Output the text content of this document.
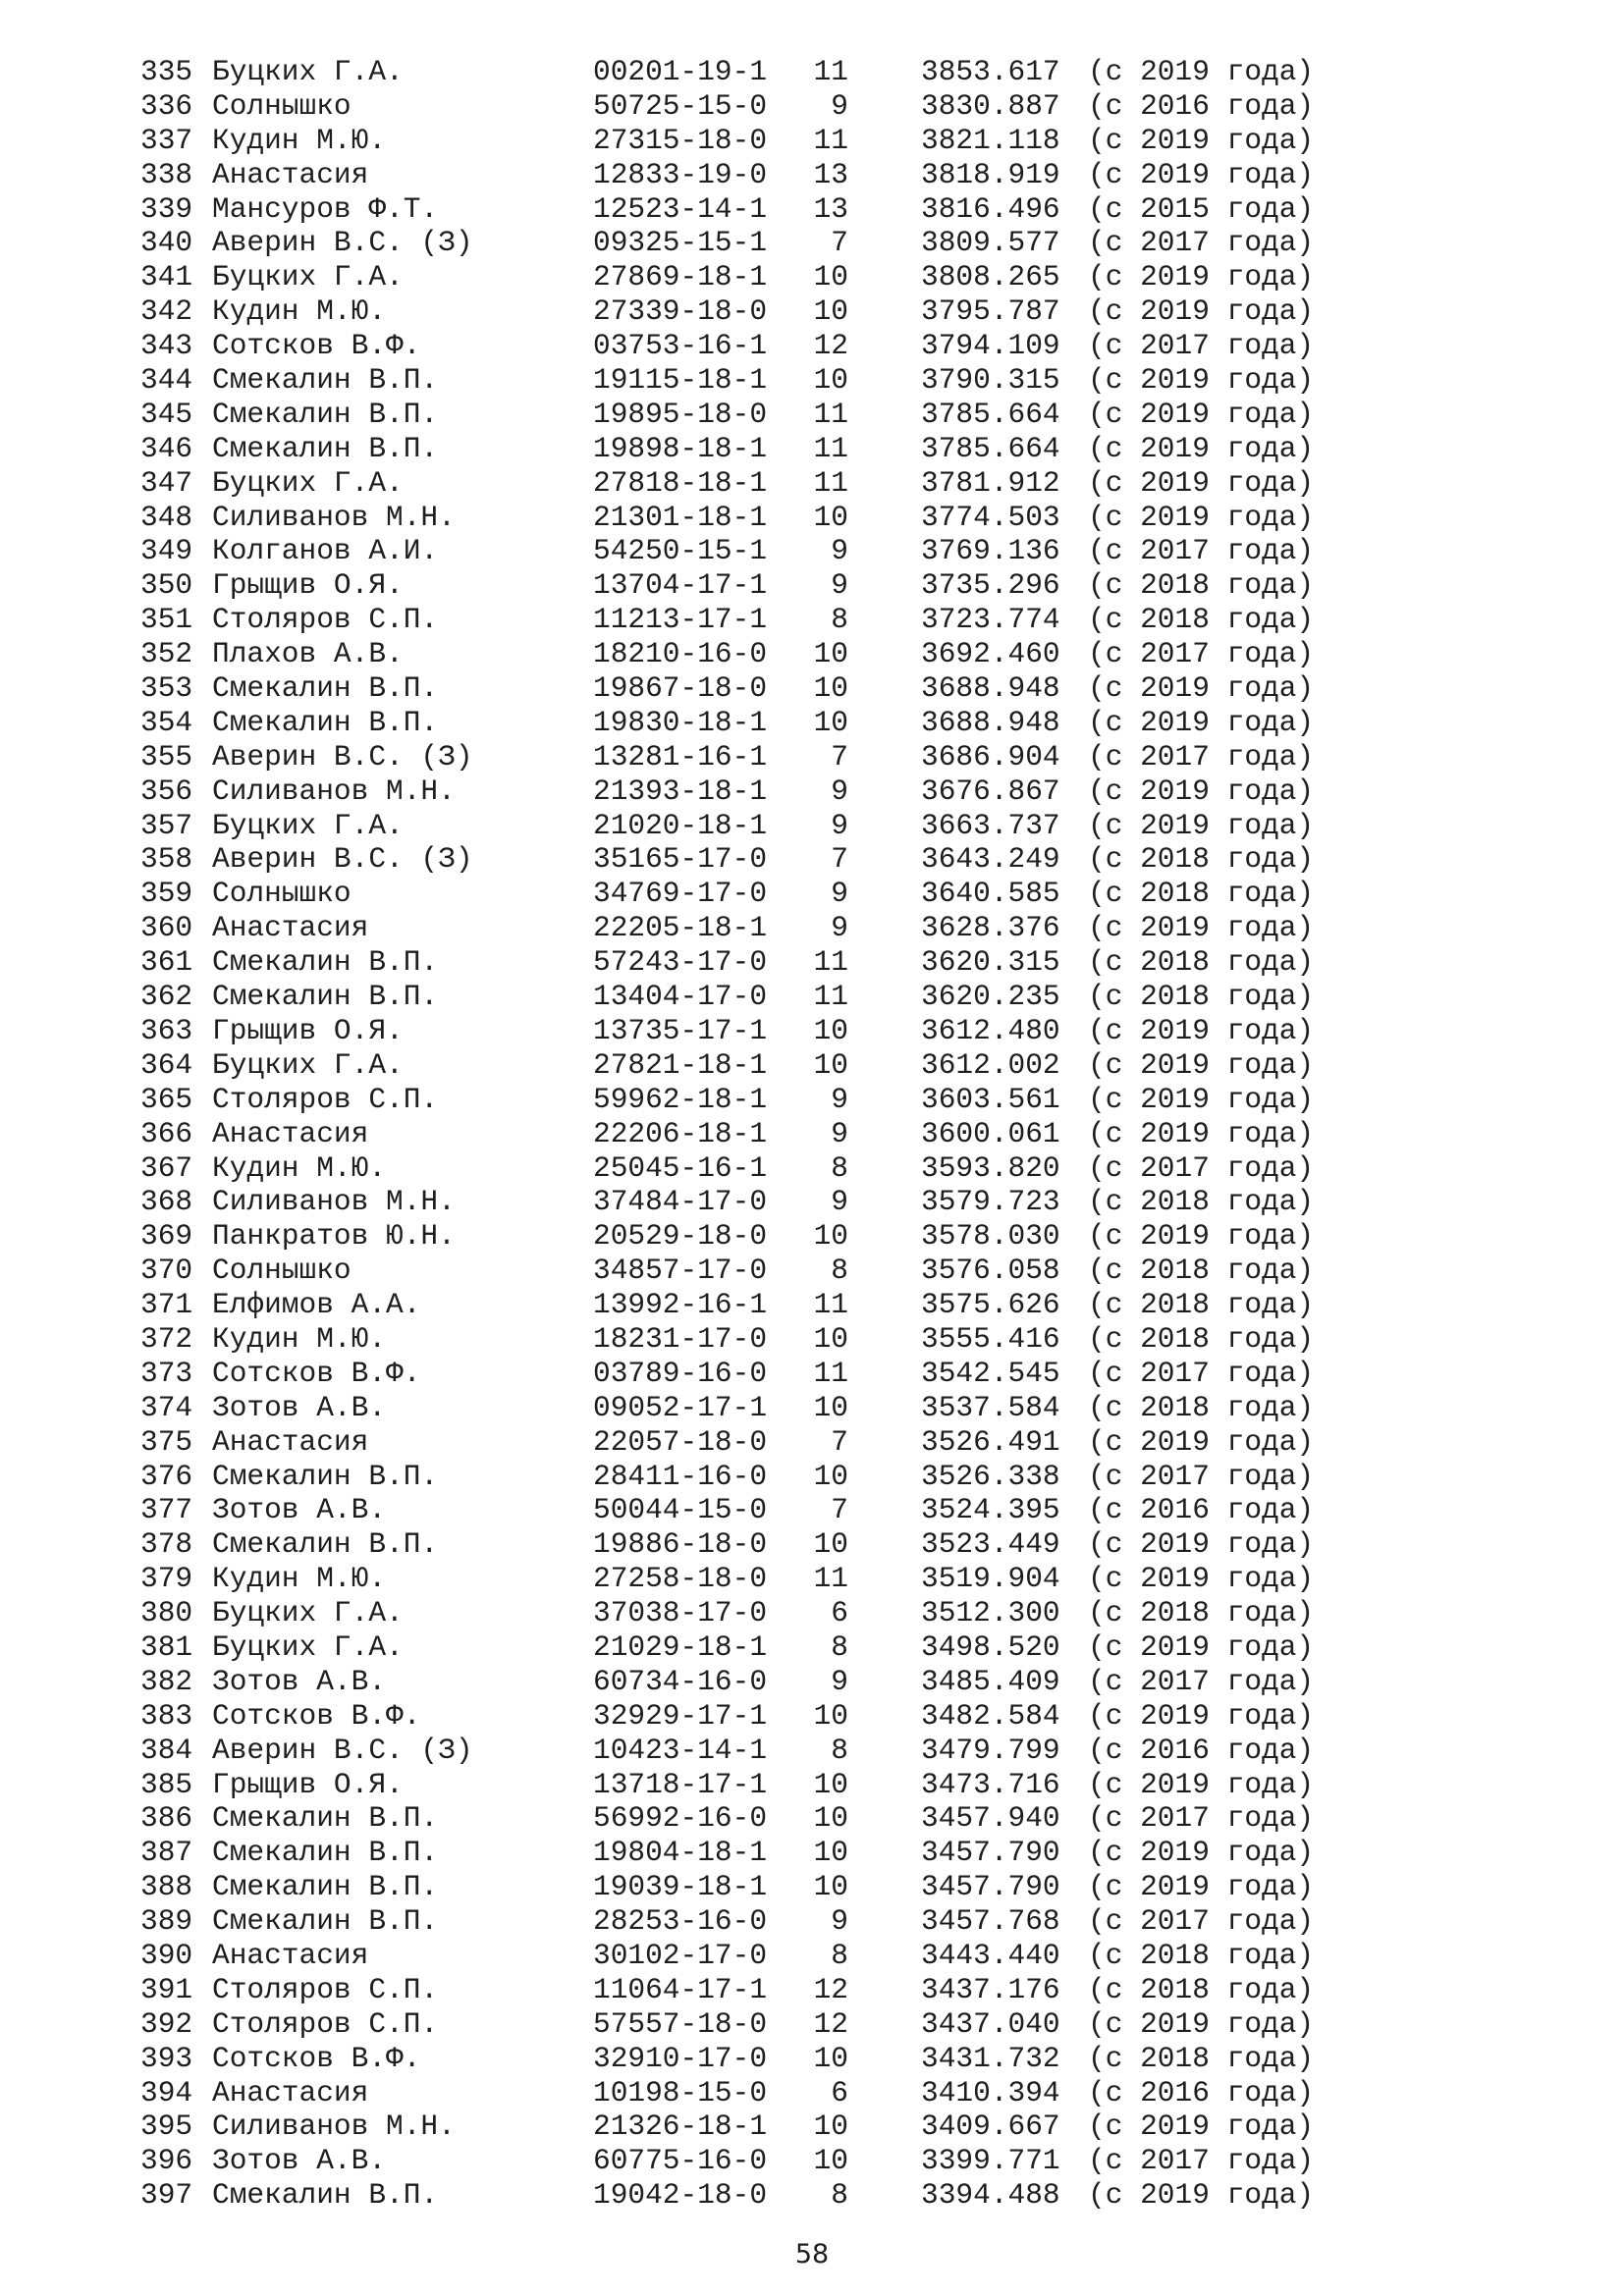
335 Буцких Г.А.	00201-19-1	11	3853.617 (с 2019 года)
336 Солнышко	50725-15-0	9	3830.887 (с 2016 года)
337 Кудин М.Ю.	27315-18-0	11	3821.118 (с 2019 года)
338 Анастасия	12833-19-0	13	3818.919 (с 2019 года)
339 Мансуров Ф.Т.	12523-14-1	13	3816.496 (с 2015 года)
340 Аверин В.С. (З)	09325-15-1	7	3809.577 (с 2017 года)
341 Буцких Г.А.	27869-18-1	10	3808.265 (с 2019 года)
342 Кудин М.Ю.	27339-18-0	10	3795.787 (с 2019 года)
343 Сотсков В.Ф.	03753-16-1	12	3794.109 (с 2017 года)
344 Смекалин В.П.	19115-18-1	10	3790.315 (с 2019 года)
345 Смекалин В.П.	19895-18-0	11	3785.664 (с 2019 года)
346 Смекалин В.П.	19898-18-1	11	3785.664 (с 2019 года)
347 Буцких Г.А.	27818-18-1	11	3781.912 (с 2019 года)
348 Силиванов М.Н.	21301-18-1	10	3774.503 (с 2019 года)
349 Колганов А.И.	54250-15-1	9	3769.136 (с 2017 года)
350 Грыщив О.Я.	13704-17-1	9	3735.296 (с 2018 года)
351 Столяров С.П.	11213-17-1	8	3723.774 (с 2018 года)
352 Плахов А.В.	18210-16-0	10	3692.460 (с 2017 года)
353 Смекалин В.П.	19867-18-0	10	3688.948 (с 2019 года)
354 Смекалин В.П.	19830-18-1	10	3688.948 (с 2019 года)
355 Аверин В.С. (З)	13281-16-1	7	3686.904 (с 2017 года)
356 Силиванов М.Н.	21393-18-1	9	3676.867 (с 2019 года)
357 Буцких Г.А.	21020-18-1	9	3663.737 (с 2019 года)
358 Аверин В.С. (З)	35165-17-0	7	3643.249 (с 2018 года)
359 Солнышко	34769-17-0	9	3640.585 (с 2018 года)
360 Анастасия	22205-18-1	9	3628.376 (с 2019 года)
361 Смекалин В.П.	57243-17-0	11	3620.315 (с 2018 года)
362 Смекалин В.П.	13404-17-0	11	3620.235 (с 2018 года)
363 Грыщив О.Я.	13735-17-1	10	3612.480 (с 2019 года)
364 Буцких Г.А.	27821-18-1	10	3612.002 (с 2019 года)
365 Столяров С.П.	59962-18-1	9	3603.561 (с 2019 года)
366 Анастасия	22206-18-1	9	3600.061 (с 2019 года)
367 Кудин М.Ю.	25045-16-1	8	3593.820 (с 2017 года)
368 Силиванов М.Н.	37484-17-0	9	3579.723 (с 2018 года)
369 Панкратов Ю.Н.	20529-18-0	10	3578.030 (с 2019 года)
370 Солнышко	34857-17-0	8	3576.058 (с 2018 года)
371 Елфимов А.А.	13992-16-1	11	3575.626 (с 2018 года)
372 Кудин М.Ю.	18231-17-0	10	3555.416 (с 2018 года)
373 Сотсков В.Ф.	03789-16-0	11	3542.545 (с 2017 года)
374 Зотов А.В.	09052-17-1	10	3537.584 (с 2018 года)
375 Анастасия	22057-18-0	7	3526.491 (с 2019 года)
376 Смекалин В.П.	28411-16-0	10	3526.338 (с 2017 года)
377 Зотов А.В.	50044-15-0	7	3524.395 (с 2016 года)
378 Смекалин В.П.	19886-18-0	10	3523.449 (с 2019 года)
379 Кудин М.Ю.	27258-18-0	11	3519.904 (с 2019 года)
380 Буцких Г.А.	37038-17-0	6	3512.300 (с 2018 года)
381 Буцких Г.А.	21029-18-1	8	3498.520 (с 2019 года)
382 Зотов А.В.	60734-16-0	9	3485.409 (с 2017 года)
383 Сотсков В.Ф.	32929-17-1	10	3482.584 (с 2019 года)
384 Аверин В.С. (З)	10423-14-1	8	3479.799 (с 2016 года)
385 Грыщив О.Я.	13718-17-1	10	3473.716 (с 2019 года)
386 Смекалин В.П.	56992-16-0	10	3457.940 (с 2017 года)
387 Смекалин В.П.	19804-18-1	10	3457.790 (с 2019 года)
388 Смекалин В.П.	19039-18-1	10	3457.790 (с 2019 года)
389 Смекалин В.П.	28253-16-0	9	3457.768 (с 2017 года)
390 Анастасия	30102-17-0	8	3443.440 (с 2018 года)
391 Столяров С.П.	11064-17-1	12	3437.176 (с 2018 года)
392 Столяров С.П.	57557-18-0	12	3437.040 (с 2019 года)
393 Сотсков В.Ф.	32910-17-0	10	3431.732 (с 2018 года)
394 Анастасия	10198-15-0	6	3410.394 (с 2016 года)
395 Силиванов М.Н.	21326-18-1	10	3409.667 (с 2019 года)
396 Зотов А.В.	60775-16-0	10	3399.771 (с 2017 года)
397 Смекалин В.П.	19042-18-0	8	3394.488 (с 2019 года)
58
